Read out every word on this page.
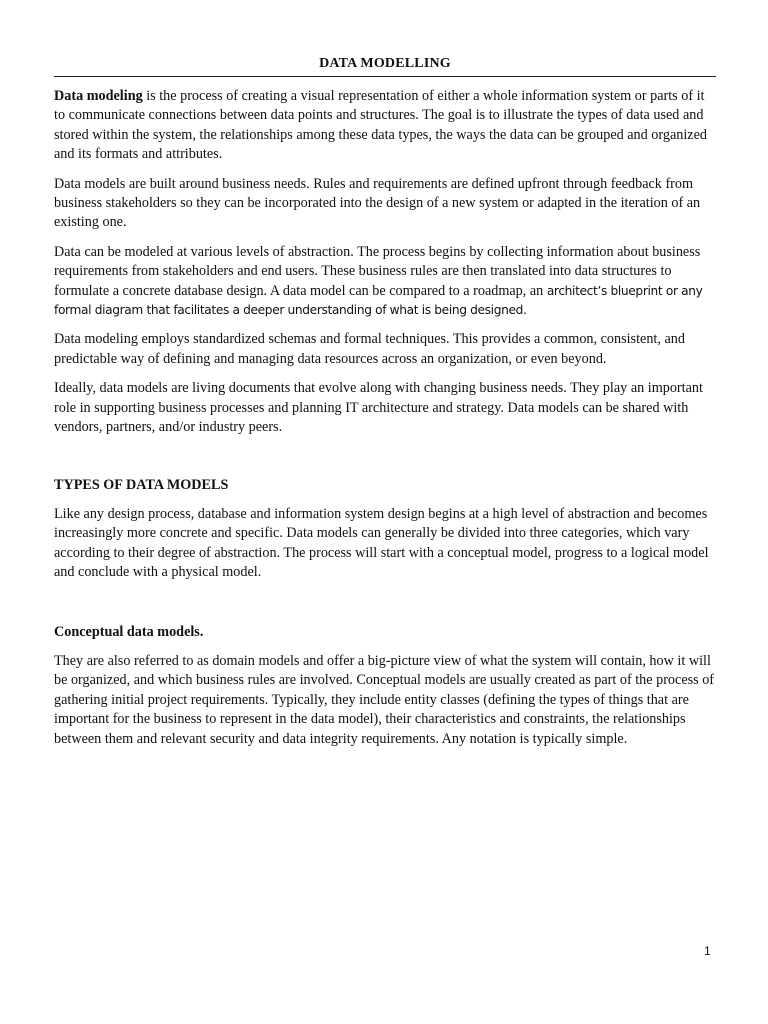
DATA MODELLING

Data modeling is the process of creating a visual representation of either a whole information system or parts of it to communicate connections between data points and structures. The goal is to illustrate the types of data used and stored within the system, the relationships among these data types, the ways the data can be grouped and organized and its formats and attributes.

Data models are built around business needs. Rules and requirements are defined upfront through feedback from business stakeholders so they can be incorporated into the design of a new system or adapted in the iteration of an existing one.

Data can be modeled at various levels of abstraction. The process begins by collecting information about business requirements from stakeholders and end users. These business rules are then translated into data structures to formulate a concrete database design. A data model can be compared to a roadmap, an architect’s blueprint or any formal diagram that facilitates a deeper understanding of what is being designed.

Data modeling employs standardized schemas and formal techniques. This provides a common, consistent, and predictable way of defining and managing data resources across an organization, or even beyond.

Ideally, data models are living documents that evolve along with changing business needs. They play an important role in supporting business processes and planning IT architecture and strategy. Data models can be shared with vendors, partners, and/or industry peers.

TYPES OF DATA MODELS

Like any design process, database and information system design begins at a high level of abstraction and becomes increasingly more concrete and specific. Data models can generally be divided into three categories, which vary according to their degree of abstraction. The process will start with a conceptual model, progress to a logical model and conclude with a physical model.

Conceptual data models.

They are also referred to as domain models and offer a big-picture view of what the system will contain, how it will be organized, and which business rules are involved. Conceptual models are usually created as part of the process of gathering initial project requirements. Typically, they include entity classes (defining the types of things that are important for the business to represent in the data model), their characteristics and constraints, the relationships between them and relevant security and data integrity requirements. Any notation is typically simple.

1
